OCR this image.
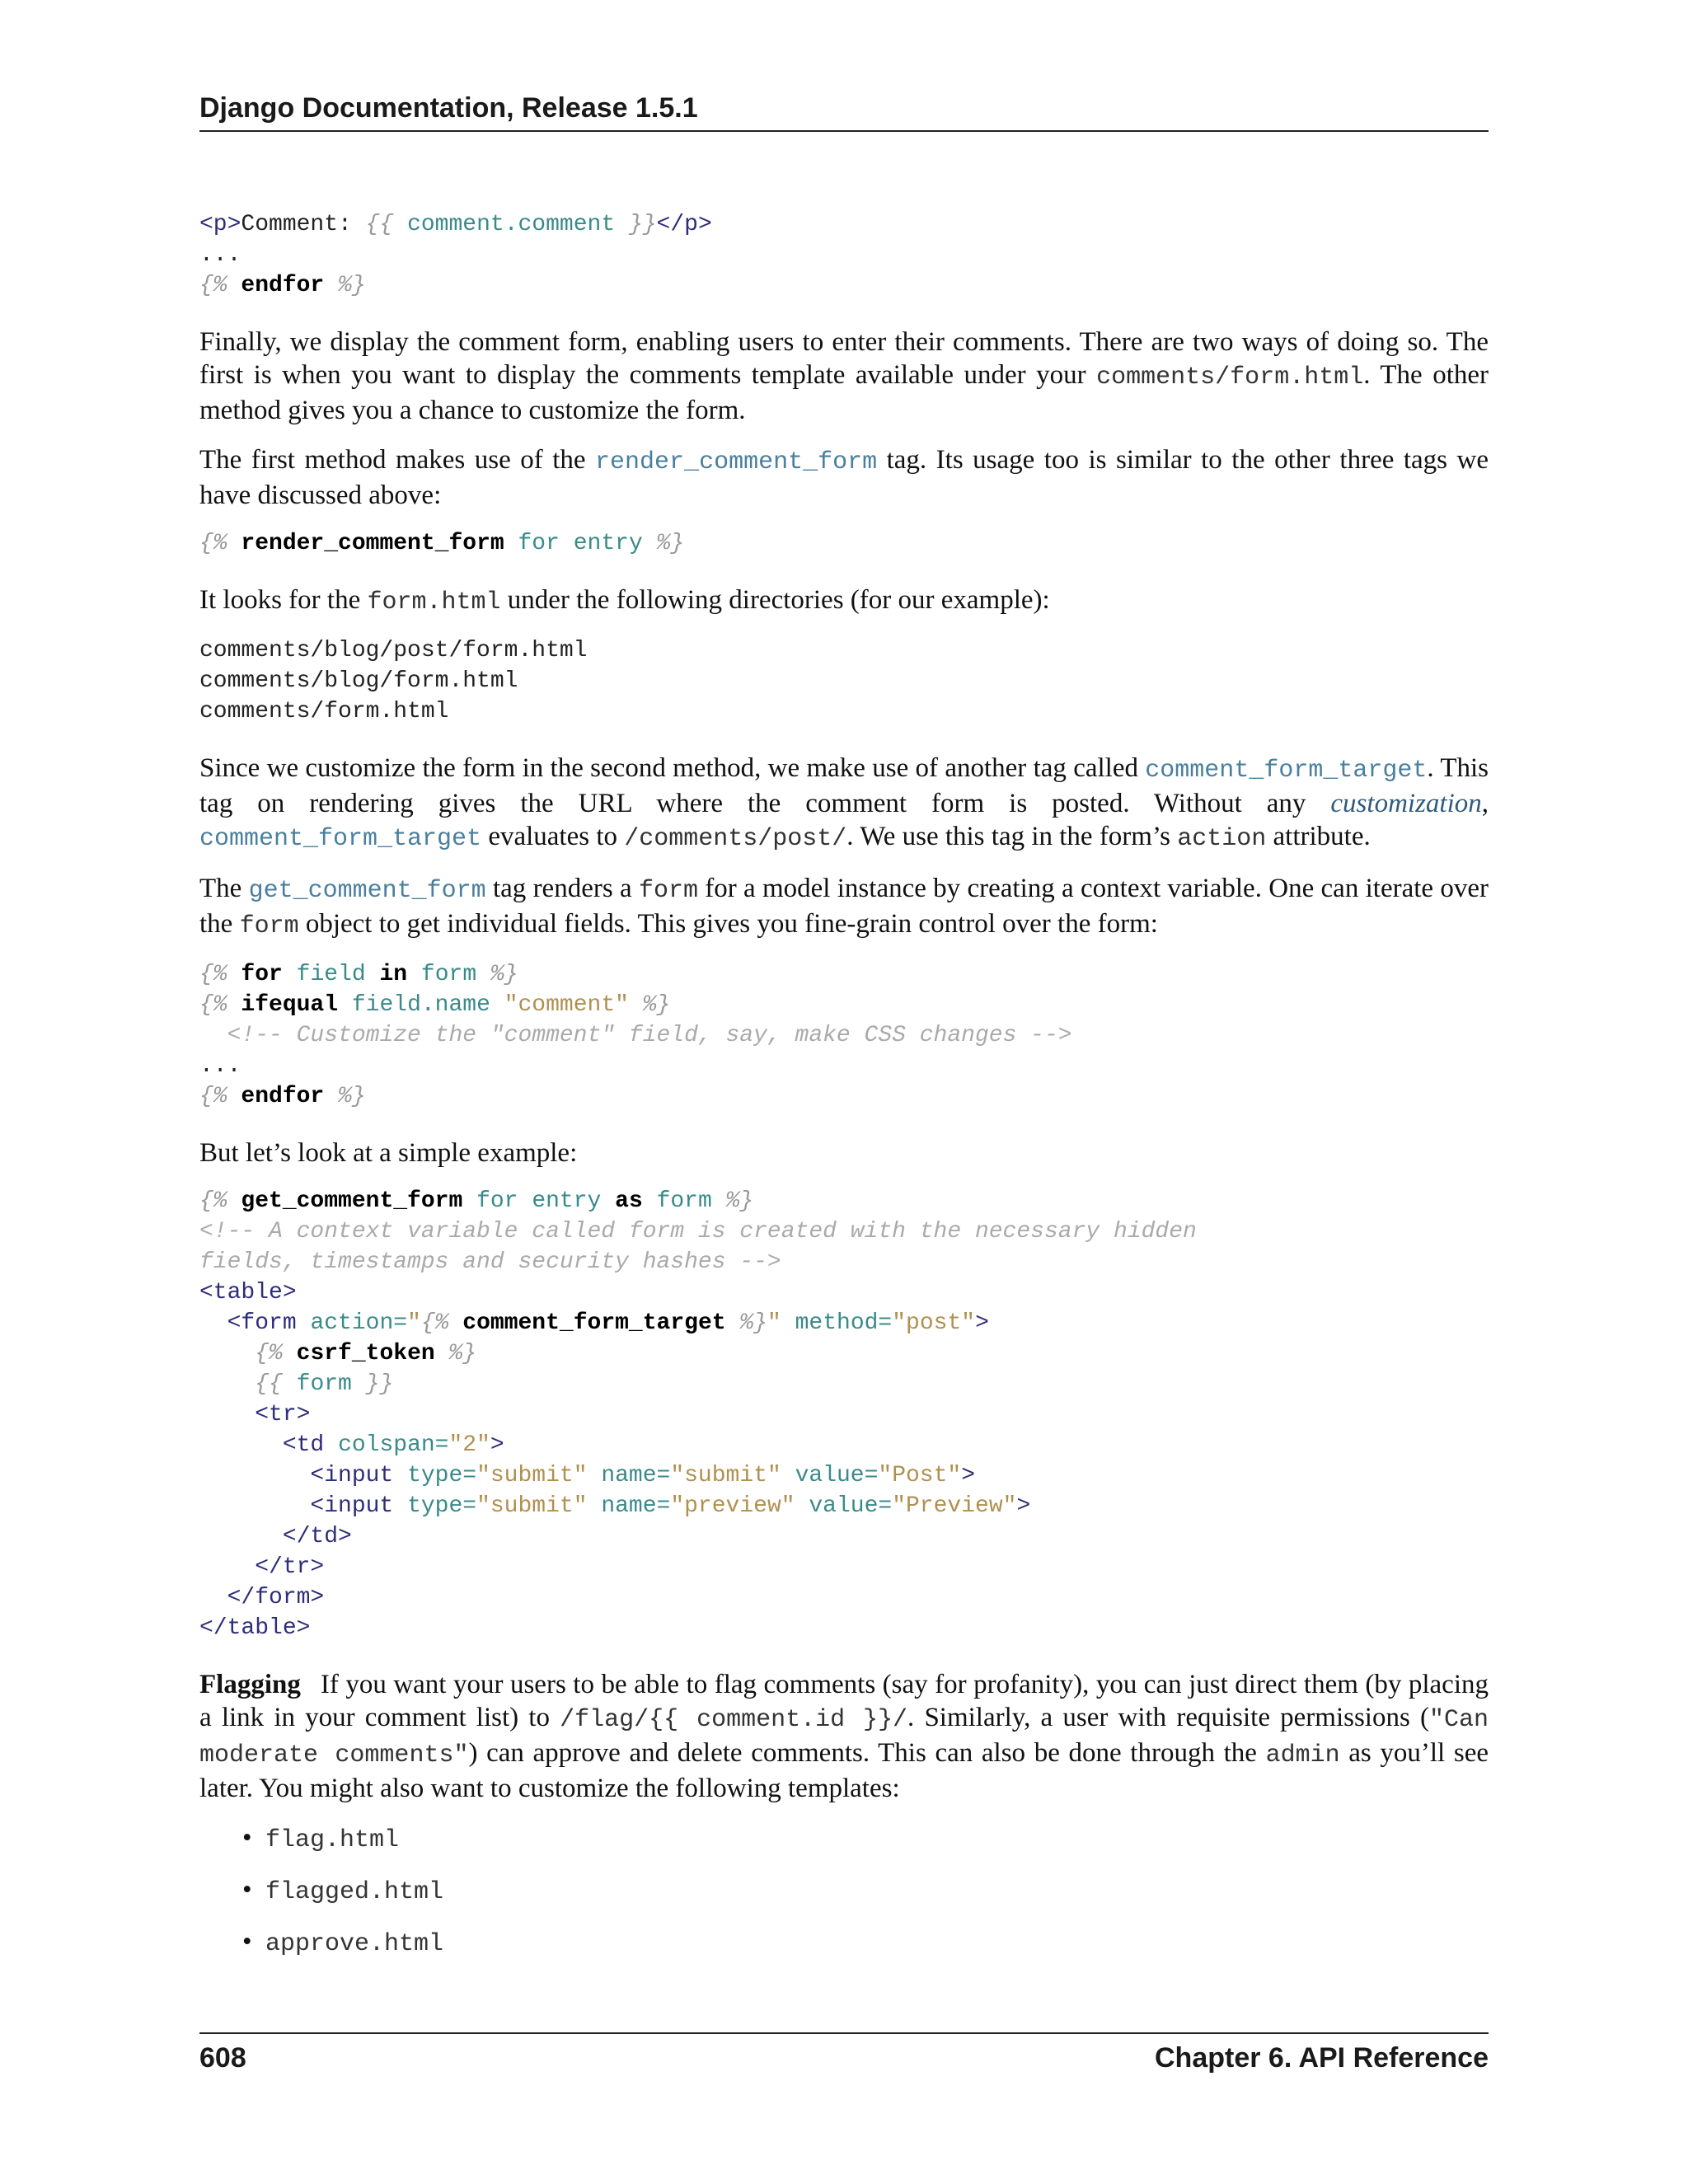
Django Documentation, Release 1.5.1
<p>Comment: {{ comment.comment }}</p>
...
{% endfor %}

Finally, we display the comment form, enabling users to enter their comments. There are two ways of doing so. The first is when you want to display the comments template available under your comments/form.html. The other method gives you a chance to customize the form.

The first method makes use of the render_comment_form tag. Its usage too is similar to the other three tags we have discussed above:

{% render_comment_form for entry %}

It looks for the form.html under the following directories (for our example):

comments/blog/post/form.html
comments/blog/form.html
comments/form.html

Since we customize the form in the second method, we make use of another tag called comment_form_target. This tag on rendering gives the URL where the comment form is posted. Without any customization, comment_form_target evaluates to /comments/post/. We use this tag in the form’s action attribute.

The get_comment_form tag renders a form for a model instance by creating a context variable. One can iterate over the form object to get individual fields. This gives you fine-grain control over the form:

{% for field in form %}
{% ifequal field.name "comment" %}
<!-- Customize the "comment" field, say, make CSS changes -->
...
{% endfor %}

But let’s look at a simple example:

{% get_comment_form for entry as form %}
<!-- A context variable called form is created with the necessary hidden
fields, timestamps and security hashes -->
<table>
<form action="{% comment_form_target %}" method="post">
{% csrf_token %}
{{ form }}
<tr>
<td colspan="2">
<input type="submit" name="submit" value="Post">
<input type="submit" name="preview" value="Preview">
</td>
</tr>
</form>
</table>

Flagging If you want your users to be able to flag comments (say for profanity), you can just direct them (by placing a link in your comment list) to /flag/{{ comment.id }}/. Similarly, a user with requisite permissions ("Can moderate comments") can approve and delete comments. This can also be done through the admin as you’ll see later. You might also want to customize the following templates:

• flag.html
• flagged.html
• approve.html
608	Chapter 6. API Reference
